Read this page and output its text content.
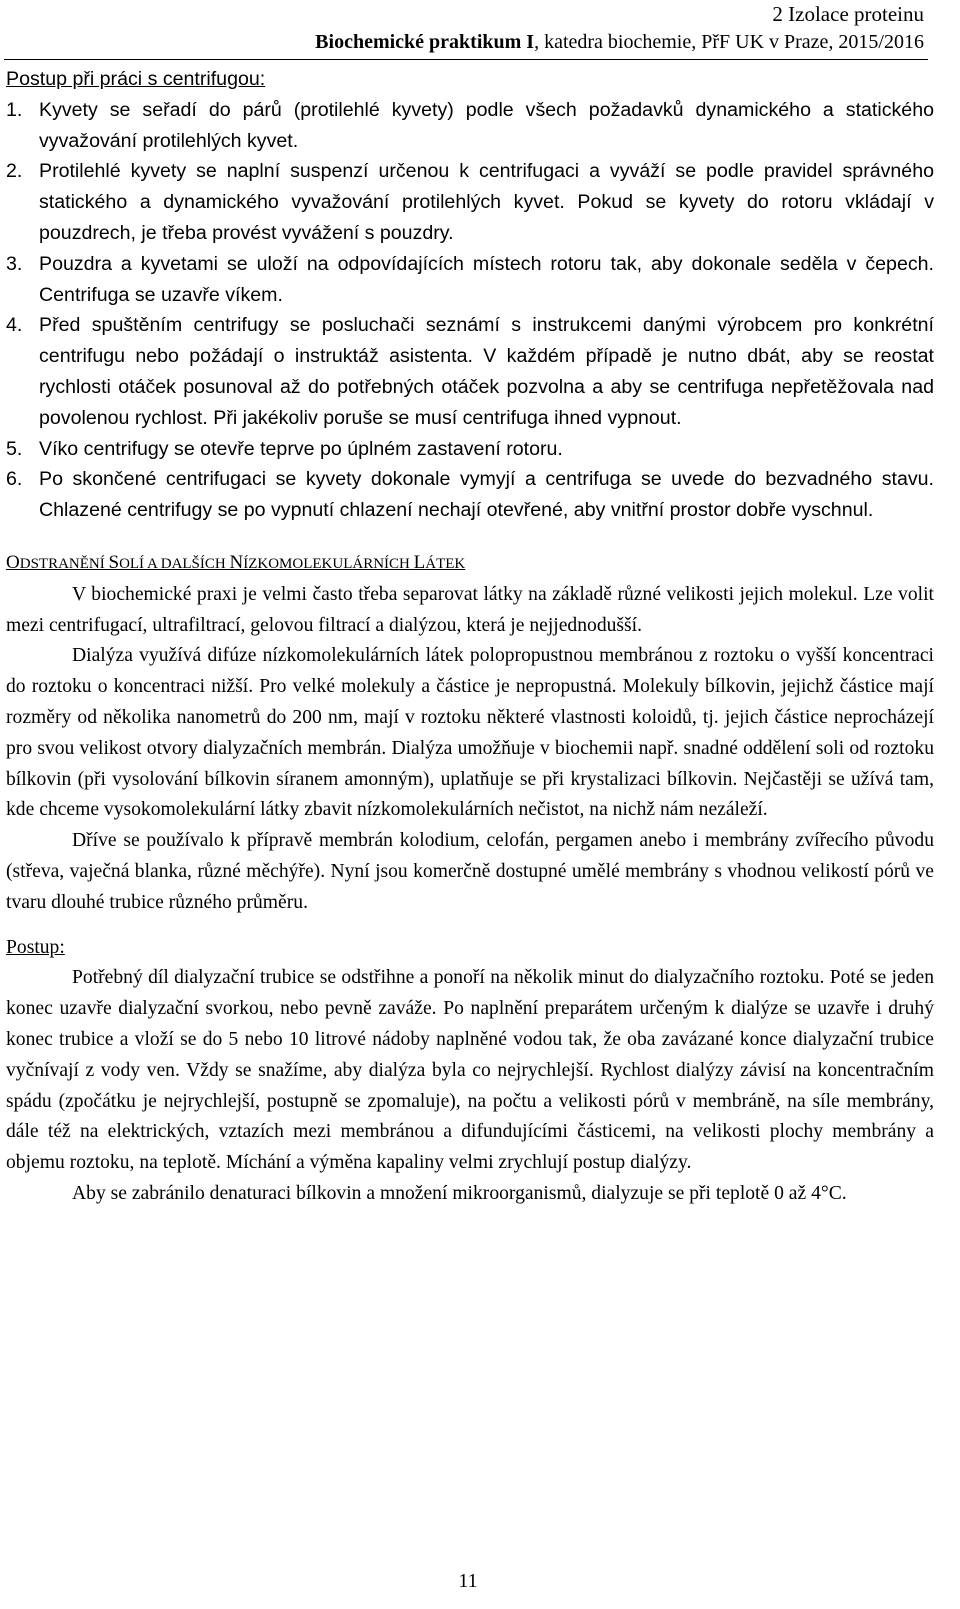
2 Izolace proteinu
Biochemické praktikum I, katedra biochemie, PřF UK v Praze, 2015/2016
Postup při práci s centrifugou:
1. Kyvety se seřadí do párů (protilehlé kyvety) podle všech požadavků dynamického a statického vyvažování protilehlých kyvet.
2. Protilehlé kyvety se naplní suspenzí určenou k centrifugaci a vyváží se podle pravidel správného statického a dynamického vyvažování protilehlých kyvet. Pokud se kyvety do rotoru vkládají v pouzdrech, je třeba provést vyvážení s pouzdry.
3. Pouzdra a kyvetami se uloží na odpovídajících místech rotoru tak, aby dokonale seděla v čepech. Centrifuga se uzavře víkem.
4. Před spuštěním centrifugy se posluchači seznámí s instrukcemi danými výrobcem pro konkrétní centrifugu nebo požádají o instruktáž asistenta. V každém případě je nutno dbát, aby se reostat rychlosti otáček posunoval až do potřebných otáček pozvolna a aby se centrifuga nepřetěžovala nad povolenou rychlost. Při jakékoliv poruše se musí centrifuga ihned vypnout.
5. Víko centrifugy se otevře teprve po úplném zastavení rotoru.
6. Po skončené centrifugaci se kyvety dokonale vymyjí a centrifuga se uvede do bezvadného stavu. Chlazené centrifugy se po vypnutí chlazení nechají otevřené, aby vnitřní prostor dobře vyschnul.
ODSTRANĚNÍ SOLÍ A DALŠÍCH NÍZKOMOLEKULÁRNÍCH LÁTEK

V biochemické praxi je velmi často třeba separovat látky na základě různé velikosti jejich molekul. Lze volit mezi centrifugací, ultrafiltrací, gelovou filtrací a dialýzou, která je nejjednodušší.

Dialýza využívá difúze nízkomolekulárních látek polopropustnou membránou z roztoku o vyšší koncentraci do roztoku o koncentraci nižší. Pro velké molekuly a částice je nepropustná. Molekuly bílkovin, jejichž částice mají rozměry od několika nanometrů do 200 nm, mají v roztoku některé vlastnosti koloidů, tj. jejich částice neprocházejí pro svou velikost otvory dialyzačních membrán. Dialýza umožňuje v biochemii např. snadné oddělení soli od roztoku bílkovin (při vysolování bílkovin síranem amonným), uplatňuje se při krystalizaci bílkovin. Nejčastěji se užívá tam, kde chceme vysokomolekulární látky zbavit nízkomolekulárních nečistot, na nichž nám nezáleží.

Dříve se používalo k přípravě membrán kolodium, celofán, pergamen anebo i membrány zvířecího původu (střeva, vaječná blanka, různé měchýře). Nyní jsou komerčně dostupné umělé membrány s vhodnou velikostí pórů ve tvaru dlouhé trubice různého průměru.

Postup:

Potřebný díl dialyzační trubice se odstřihne a ponoří na několik minut do dialyzačního roztoku. Poté se jeden konec uzavře dialyzační svorkou, nebo pevně zaváže. Po naplnění preparátem určeným k dialýze se uzavře i druhý konec trubice a vloží se do 5 nebo 10 litrové nádoby naplněné vodou tak, že oba zavázané konce dialyzační trubice vyčnívají z vody ven. Vždy se snažíme, aby dialýza byla co nejrychlejší. Rychlost dialýzy závisí na koncentračním spádu (zpočátku je nejrychlejší, postupně se zpomaluje), na počtu a velikosti pórů v membráně, na síle membrány, dále též na elektrických, vztazích mezi membránou a difundujícími částicemi, na velikosti plochy membrány a objemu roztoku, na teplotě. Míchání a výměna kapaliny velmi zrychlují postup dialýzy.

Aby se zabránilo denaturaci bílkovin a množení mikroorganismů, dialyzuje se při teplotě 0 až 4°C.

11
